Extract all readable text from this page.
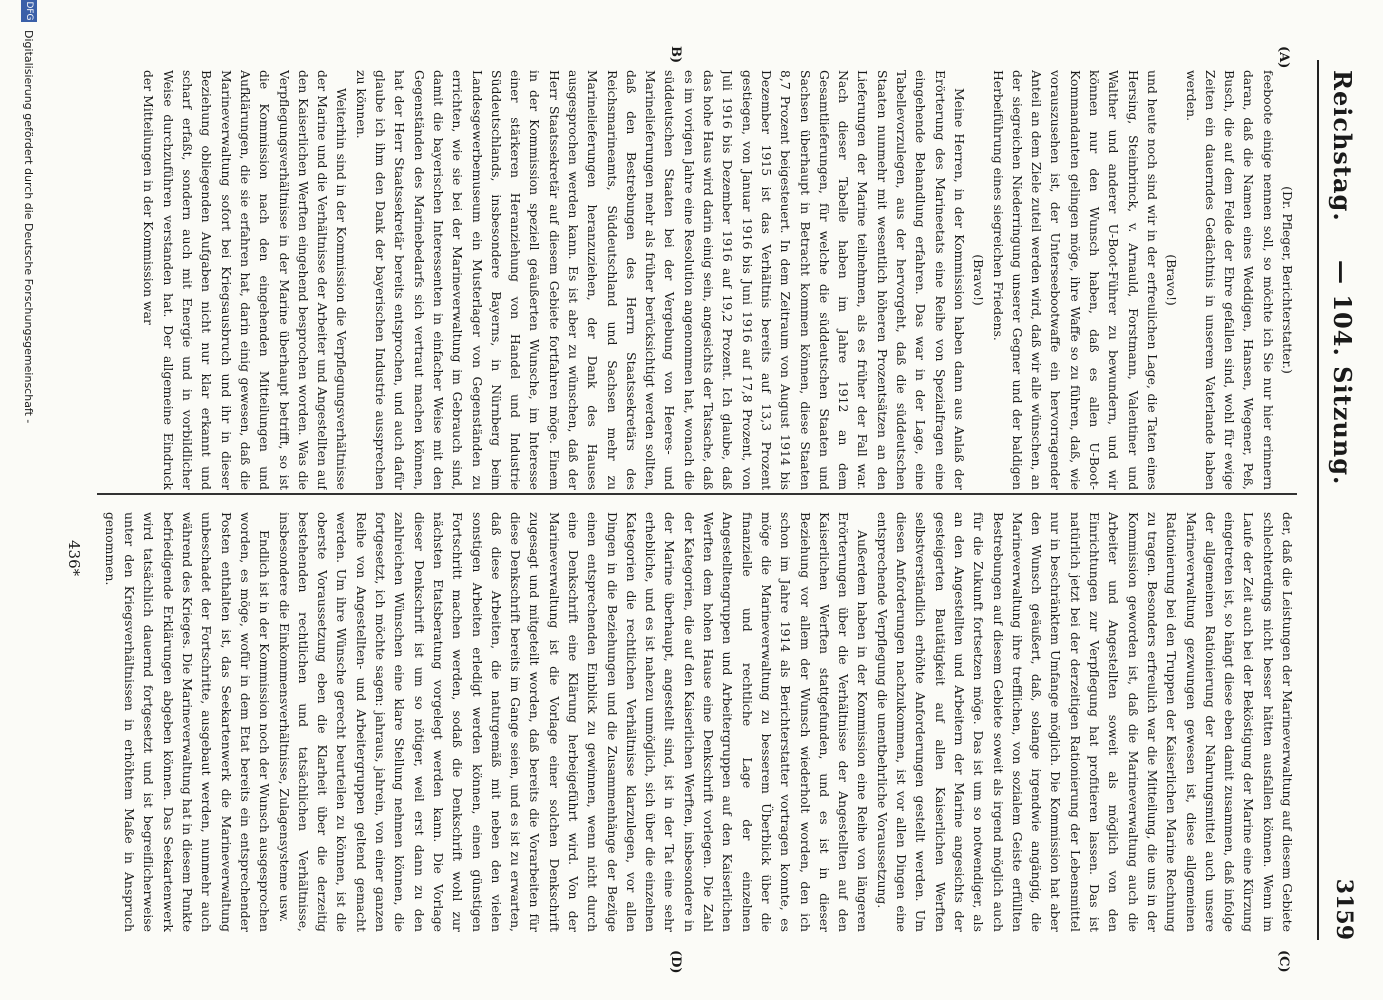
Reichstag.
— 104. Sitzung.
3159
(A)
B)

(Dr. Pfleger, Berichterstatter.)

feeboote einige nennen soll, so möchte ich Sie nur hier erinnern daran, daß die Namen eines Weddigen, Hansen, Wegener, Peß, Busch, die auf dem Felde der Ehre gefallen sind, wohl für ewige Zeiten ein dauerndes Gedächtnis in unserem Vaterlande haben werden.

(Bravo!)

und heute noch sind wir in der erfreulichen Lage, die Taten eines Hersing, Steinbrinck, v. Arnauld, Forstmann, Valentiner und Walther und anderer U-Boot-Führer zu bewundern, und wir können nur den Wunsch haben, daß es allen U-Boot-Kommandanten gelingen möge, ihre Waffe so zu führen, daß, wie vorauszusehen ist, der Unterseebootwaffe ein hervorragender Anteil an dem Ziele zuteil werden wird, daß wir alle wünschen, an der siegreichen Niederringung unserer Gegner und der baldigen Herbeiführung eines siegreichen Friedens.

(Bravo!)

Meine Herren, in der Kommission haben dann aus Anlaß der Erörterung des Marineetats eine Reihe von Spezialfragen eine eingehende Behandlung erfahren. Das war in der Lage, eine Tabellevorzulegen, aus der hervorgeht, daß die süddeutschen Staaten nunmehr mit wesentlich höheren Prozentsätzen an den Lieferungen der Marine teilnehmen, als es früher der Fall war. Nach dieser Tabelle haben im Jahre 1912 an dem Gesamtlieferungen, für welche die süddeutschen Staaten und Sachsen überhaupt in Betracht kommen können, diese Staaten 8,7 Prozent beigesteuert. In dem Zeitraum von August 1914 bis Dezember 1915 ist das Verhältnis bereits auf 13,3 Prozent gestiegen, von Januar 1916 bis Juni 1916 auf 17,8 Prozent, von Juli 1916 bis Dezember 1916 auf 19,2 Prozent. Ich glaube, daß das hohe Haus wird darin einig sein, angesichts der Tatsache, daß es im vorigen Jahre eine Resolution angenommen hat, wonach die süddeutschen Staaten bei der Vergebung von Heeres- und Marinelieferungen mehr als früher berücksichtigt werden sollten, daß den Bestrebungen des Herrn Staatssekretärs des Reichsmarineamts, Süddeutschland und Sachsen mehr zu Marinelieferungen heranzuziehen, der Dank des Hauses ausgesprochen werden kann. Es ist aber zu wünschen, daß der Herr Staatssekretär auf diesem Gebiete fortfahren möge. Einem in der Kommission speziell geäußerten Wunsche, im Interesse einer stärkeren Heranziehung von Handel und Industrie Süddeutschlands, insbesondere Bayerns, in Nürnberg beim Landesgewerbemuseum ein Musterlager von Gegenständen zu errichten, wie sie bei der Marineverwaltung im Gebrauch sind, damit die bayerischen Interessenten in einfacher Weise mit den Gegenständen des Marinebedarfs sich vertraut machen können, hat der Herr Staatssekretär bereits entsprochen, und auch dafür glaube ich ihm den Dank der bayerischen Industrie aussprechen zu können.

Weiterhin sind in der Kommission die Verpflegungsverhältnisse der Marine und die Verhältnisse der Arbeiter und Angestellten auf den Kaiserlichen Werften eingehend besprochen worden. Was die Verpflegungsverhältnisse in der Marine überhaupt betrifft, so ist die Kommission nach den eingehenden Mitteilungen und Aufklärungen, die sie erfahren hat, darin einig gewesen, daß die Marineverwaltung sofort bei Kriegsausbruch und ihr in dieser Beziehung obliegenden Aufgaben nicht nur klar erkannt und scharf erfaßt, sondern auch mit Energie und in vorbildlicher Weise durchzuführen verstanden hat. Der allgemeine Eindruck der Mitteilungen in der Kommission war

der, daß die Leistungen der Marineverwaltung auf diesem Gebiete schlechterdings nicht besser hätten ausfallen können. Wenn im Laufe der Zeit auch bei der Beköstigung der Marine eine Kürzung eingetreten ist, so hängt diese eben damit zusammen, daß infolge der allgemeinen Rationierung der Nahrungsmittel auch unsere Marineverwaltung gezwungen gewesen ist, diese allgemeinen Rationierung bei den Truppen der Kaiserlichen Marine Rechnung zu tragen. Besonders erfreulich war die Mitteilung, die uns in der Kommission geworden ist, daß die Marineverwaltung auch die Arbeiter und Angestellten soweit als möglich von den Einrichtungen zur Verpflegung hat profitieren lassen. Das ist natürlich jetzt bei der derzeitigen Rationierung der Lebensmittel nur in beschränktem Umfange möglich. Die Kommission hat aber den Wunsch geäußert, daß, solange irgendwie angängig, die Marineverwaltung ihre trefflichen, von sozialem Geiste erfüllten Bestrebungen auf diesem Gebiete soweit als irgend möglich auch für die Zukunft fortsetzen möge. Das ist um so notwendiger, als an den Angestellten und Arbeitern der Marine angesichts der gesteigerten Bautätigkeit auf allen Kaiserlichen Werften selbstverständlich erhöhte Anforderungen gestellt werden. Um diesen Anforderungen nachzukommen, ist vor allen Dingen eine entsprechende Verpflegung die unentbehrliche Voraussetzung.

Außerdem haben in der Kommission eine Reihe von längeren Erörterungen über die Verhältnisse der Angestellten auf den Kaiserlichen Werften stattgefunden, und es ist in dieser Beziehung vor allem der Wunsch wiederholt worden, den ich schon im Jahre 1914 als Berichterstatter vortragen konnte, es möge die Marineverwaltung zu besserem Überblick über die finanzielle und rechtliche Lage der einzelnen Angestelltengruppen und Arbeitergruppen auf den Kaiserlichen Werften dem hohen Hause eine Denkschrift vorlegen. Die Zahl der Kategorien, die auf den Kaiserlichen Werften, insbesondere in der Marine überhaupt, angestellt sind, ist in der Tat eine sehr erhebliche, und es ist nahezu unmöglich, sich über die einzelnen Kategorien die rechtlichen Verhältnisse klarzulegen, vor allen Dingen in die Beziehungen und die Zusammenhänge der Bezüge einen entsprechenden Einblick zu gewinnen, wenn nicht durch eine Denkschrift eine Klärung herbeigeführt wird. Von der Marineverwaltung ist die Vorlage einer solchen Denkschrift zugesagt und mitgeteilt worden, daß bereits die Vorarbeiten für diese Denkschrift bereits im Gange seien, und es ist zu erwarten, daß diese Arbeiten, die naturgemäß mit neben den vielen sonstigen Arbeiten erledigt werden können, einen günstigen Fortschritt machen werden, sodaß die Denkschrift wohl zur nächsten Etatsberatung vorgelegt werden kann. Die Vorlage dieser Denkschrift ist um so nötiger, weil erst dann zu den zahlreichen Wünschen eine klare Stellung nehmen können, die fortgesetzt, ich möchte sagen: jahraus, jahrein, von einer ganzen Reihe von Angestellten- und Arbeitergruppen geltend gemacht werden. Um ihre Wünsche gerecht beurteilen zu können, ist die oberste Voraussetzung eben die Klarheit über die derzeitig bestehenden rechtlichen und tatsächlichen Verhältnisse, insbesondere die Einkommensverhältnisse, Zulagensysteme usw.

Endlich ist in der Kommission noch der Wunsch ausgesprochen worden, es möge, wofür in dem Etat bereits ein entsprechender Posten enthalten ist, das Seekartenwerk die Marineverwaltung unbeschadet der Fortschritte, ausgebaut werden, nunmehr auch während des Krieges. Die Marineverwaltung hat in diesem Punkte befriedigende Erklärungen abgeben können. Das Seekartenwerk wird tatsächlich dauernd fortgesetzt und ist begreiflicherweise unter den Kriegsverhältnissen in erhöhtem Maße in Anspruch genommen.

(C)
(D)
436*
DFG
Digitalisierung gefördert durch die Deutsche Forschungsgemeinschaft -
